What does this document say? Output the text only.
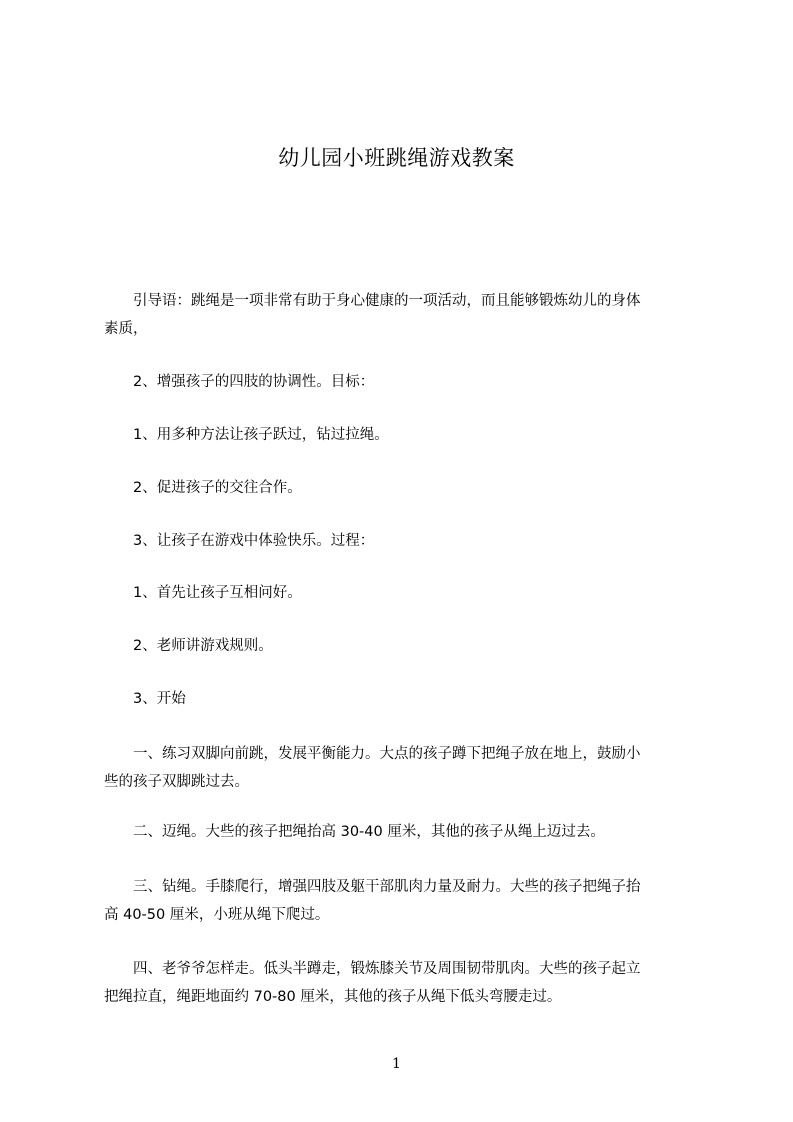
幼儿园小班跳绳游戏教案
　　引导语：跳绳是一项非常有助于身心健康的一项活动，而且能够锻炼幼儿的身体
素质，
　　2、增强孩子的四肢的协调性。目标：
　　1、用多种方法让孩子跃过，钻过拉绳。
　　2、促进孩子的交往合作。
　　3、让孩子在游戏中体验快乐。过程：
　　1、首先让孩子互相问好。
　　2、老师讲游戏规则。
　　3、开始
　　一、练习双脚向前跳，发展平衡能力。大点的孩子蹲下把绳子放在地上，鼓励小
些的孩子双脚跳过去。
　　二、迈绳。大些的孩子把绳抬高 30-40 厘米，其他的孩子从绳上迈过去。
　　三、钻绳。手膝爬行，增强四肢及躯干部肌肉力量及耐力。大些的孩子把绳子抬
高 40-50 厘米，小班从绳下爬过。
　　四、老爷爷怎样走。低头半蹲走，锻炼膝关节及周围韧带肌肉。大些的孩子起立
把绳拉直，绳距地面约 70-80 厘米，其他的孩子从绳下低头弯腰走过。
1
